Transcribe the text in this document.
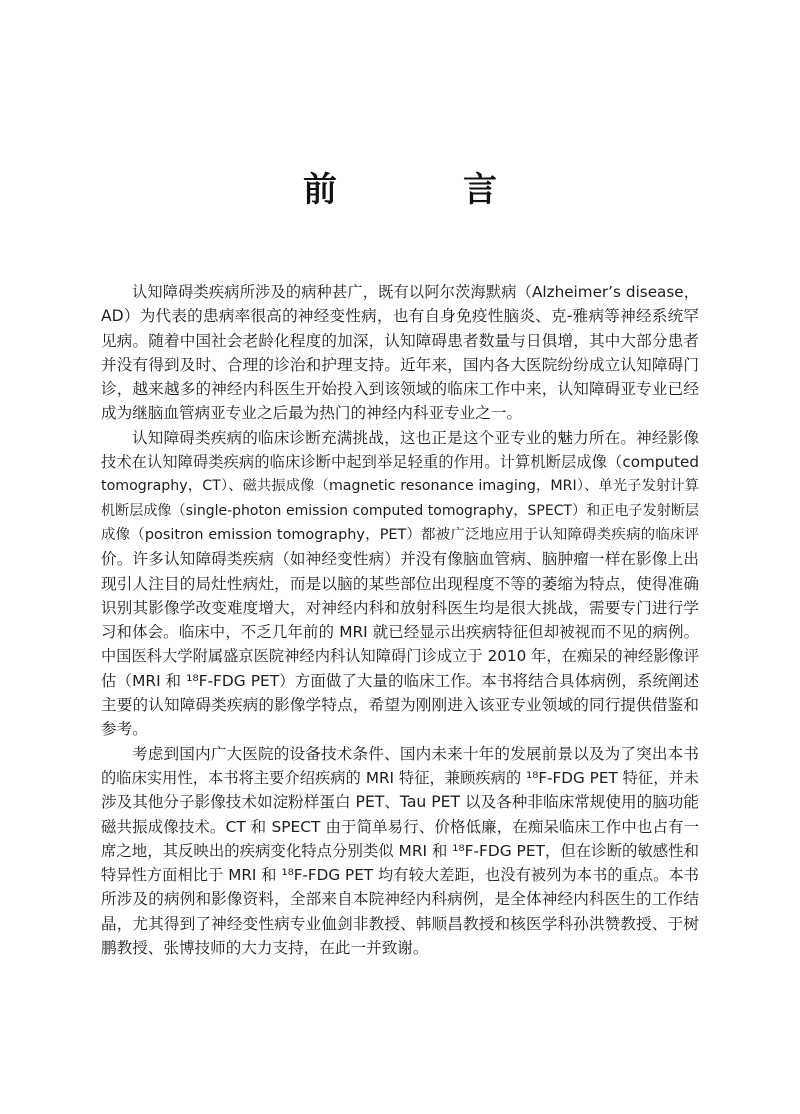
前　言
认知障碍类疾病所涉及的病种甚广，既有以阿尔茨海默病（Alzheimer’s disease，
AD）为代表的患病率很高的神经变性病，也有自身免疫性脑炎、克-雅病等神经系统罕
见病。随着中国社会老龄化程度的加深，认知障碍患者数量与日俱增，其中大部分患者
并没有得到及时、合理的诊治和护理支持。近年来，国内各大医院纷纷成立认知障碍门
诊，越来越多的神经内科医生开始投入到该领域的临床工作中来，认知障碍亚专业已经
成为继脑血管病亚专业之后最为热门的神经内科亚专业之一。
认知障碍类疾病的临床诊断充满挑战，这也正是这个亚专业的魅力所在。神经影像
技术在认知障碍类疾病的临床诊断中起到举足轻重的作用。计算机断层成像（computed
tomography，CT）、磁共振成像（magnetic resonance imaging，MRI）、单光子发射计算
机断层成像（single-photon emission computed tomography，SPECT）和正电子发射断层
成像（positron emission tomography，PET）都被广泛地应用于认知障碍类疾病的临床评
价。许多认知障碍类疾病（如神经变性病）并没有像脑血管病、脑肿瘤一样在影像上出
现引人注目的局灶性病灶，而是以脑的某些部位出现程度不等的萎缩为特点，使得准确
识别其影像学改变难度增大，对神经内科和放射科医生均是很大挑战，需要专门进行学
习和体会。临床中，不乏几年前的 MRI 就已经显示出疾病特征但却被视而不见的病例。
中国医科大学附属盛京医院神经内科认知障碍门诊成立于 2010 年，在痴呆的神经影像评
估（MRI 和 ¹⁸F-FDG PET）方面做了大量的临床工作。本书将结合具体病例，系统阐述
主要的认知障碍类疾病的影像学特点，希望为刚刚进入该亚专业领域的同行提供借鉴和
参考。
考虑到国内广大医院的设备技术条件、国内未来十年的发展前景以及为了突出本书
的临床实用性，本书将主要介绍疾病的 MRI 特征，兼顾疾病的 ¹⁸F-FDG PET 特征，并未
涉及其他分子影像技术如淀粉样蛋白 PET、Tau PET 以及各种非临床常规使用的脑功能
磁共振成像技术。CT 和 SPECT 由于简单易行、价格低廉，在痴呆临床工作中也占有一
席之地，其反映出的疾病变化特点分别类似 MRI 和 ¹⁸F-FDG PET，但在诊断的敏感性和
特异性方面相比于 MRI 和 ¹⁸F-FDG PET 均有较大差距，也没有被列为本书的重点。本书
所涉及的病例和影像资料，全部来自本院神经内科病例，是全体神经内科医生的工作结
晶，尤其得到了神经变性病专业侐剑非教授、韩顺昌教授和核医学科孙洪赞教授、于树
鹏教授、张博技师的大力支持，在此一并致谢。
